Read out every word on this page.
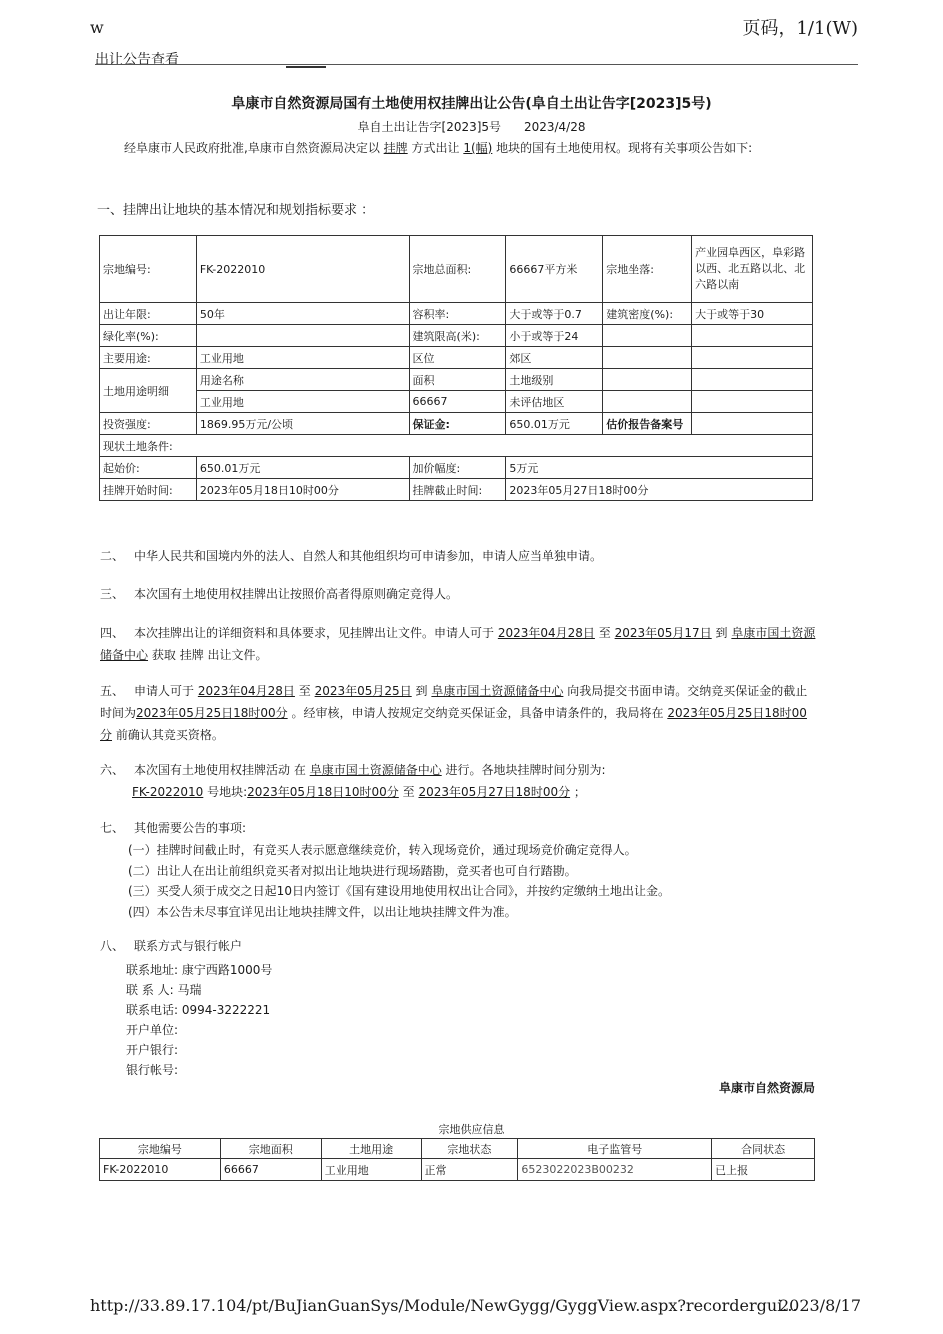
w	页码，1/1(W)
出让公告查看
阜康市自然资源局国有土地使用权挂牌出让公告(阜自土出让告字[2023]5号)
阜自土出让告字[2023]5号 2023/4/28
经阜康市人民政府批准,阜康市自然资源局决定以 挂牌 方式出让 1(幅) 地块的国有土地使用权。现将有关事项公告如下:
一、挂牌出让地块的基本情况和规划指标要求 ：
宗地编号:	FK-2022010	宗地总面积:	66667平方米	宗地坐落:	产业园阜西区，阜彩路以西、北五路以北、北六路以南
出让年限:	50年	容积率:	大于或等于0.7	建筑密度(%):	大于或等于30
绿化率(%):		建筑限高(米):	小于或等于24		
主要用途:	工业用地	区位	郊区		
土地用途明细	用途名称	面积	土地级别		
	工业用地	66667	未评估地区		
投资强度:	1869.95万元/公顷	保证金:	650.01万元	估价报告备案号	
现状土地条件:					
起始价:	650.01万元	加价幅度:	5万元		
挂牌开始时间:	2023年05月18日10时00分	挂牌截止时间:	2023年05月27日18时00分		
二、 中华人民共和国境内外的法人、自然人和其他组织均可申请参加，申请人应当单独申请。
三、 本次国有土地使用权挂牌出让按照价高者得原则确定竞得人。
四、 本次挂牌出让的详细资料和具体要求，见挂牌出让文件。申请人可于 2023年04月28日 至 2023年05月17日 到 阜康市国土资源储备中心 获取 挂牌 出让文件。
五、 申请人可于 2023年04月28日 至 2023年05月25日 到 阜康市国土资源储备中心 向我局提交书面申请。交纳竞买保证金的截止时间为2023年05月25日18时00分 。经审核，申请人按规定交纳竞买保证金，具备申请条件的，我局将在 2023年05月25日18时00分 前确认其竞买资格。
六、 本次国有土地使用权挂牌活动 在 阜康市国土资源储备中心 进行。各地块挂牌时间分别为:
FK-2022010 号地块:2023年05月18日10时00分 至 2023年05月27日18时00分 ；
七、 其他需要公告的事项:
(一）挂牌时间截止时，有竞买人表示愿意继续竞价，转入现场竞价，通过现场竞价确定竞得人。
(二）出让人在出让前组织竞买者对拟出让地块进行现场踏勘，竞买者也可自行踏勘。
(三）买受人须于成交之日起10日内签订《国有建设用地使用权出让合同》，并按约定缴纳土地出让金。
(四）本公告未尽事宜详见出让地块挂牌文件，以出让地块挂牌文件为准。
八、 联系方式与银行帐户
联系地址: 康宁西路1000号
联 系 人: 马瑞
联系电话: 0994-3222221
开户单位:
开户银行:
银行帐号:
阜康市自然资源局
宗地供应信息
宗地编号	宗地面积	土地用途	宗地状态	电子监管号	合同状态
FK-2022010	66667	工业用地	正常	6523022023B00232	已上报
http://33.89.17.104/pt/BuJianGuanSys/Module/NewGygg/GyggView.aspx?recordergui...
2023/8/17
